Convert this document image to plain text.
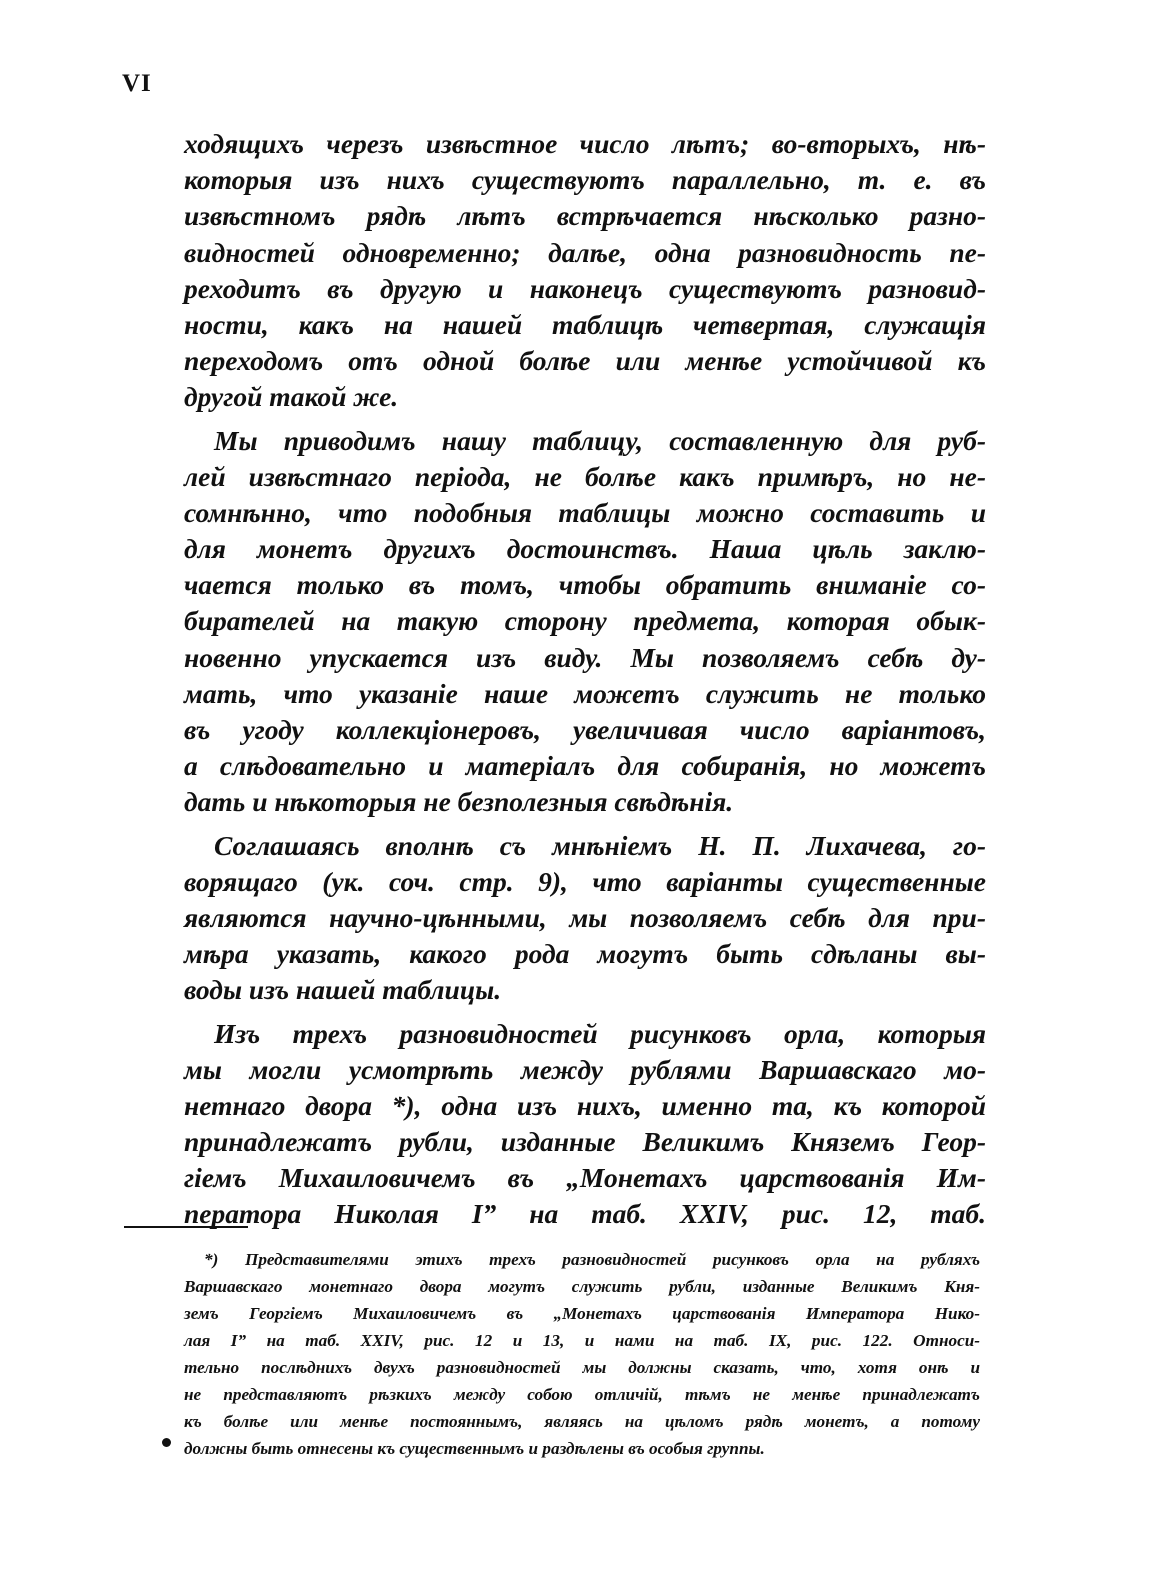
VI
ходящихъ черезъ извѣстное число лѣтъ; во-вторыхъ, нѣ-
которыя изъ нихъ существуютъ параллельно, т. е. въ
извѣстномъ рядѣ лѣтъ встрѣчается нѣсколько разно-
видностей одновременно; далѣе, одна разновидность пе-
реходитъ въ другую и наконецъ существуютъ разновид-
ности, какъ на нашей таблицѣ четвертая, служащія
переходомъ отъ одной болѣе или менѣе устойчивой къ
другой такой же.
Мы приводимъ нашу таблицу, составленную для руб-
лей извѣстнаго періода, не болѣе какъ примѣръ, но не-
сомнѣнно, что подобныя таблицы можно составить и
для монетъ другихъ достоинствъ. Наша цѣль заклю-
чается только въ томъ, чтобы обратить вниманіе со-
бирателей на такую сторону предмета, которая обык-
новенно упускается изъ виду. Мы позволяемъ себѣ ду-
мать, что указаніе наше можетъ служить не только
въ угоду коллекціонеровъ, увеличивая число варіантовъ,
а слѣдовательно и матеріалъ для собиранія, но можетъ
дать и нѣкоторыя не безполезныя свѣдѣнія.
Соглашаясь вполнѣ съ мнѣніемъ Н. П. Лихачева, го-
ворящаго (ук. соч. стр. 9), что варіанты существенные
являются научно-цѣнными, мы позволяемъ себѣ для при-
мѣра указать, какого рода могутъ быть сдѣланы вы-
воды изъ нашей таблицы.
Изъ трехъ разновидностей рисунковъ орла, которыя
мы могли усмотрѣть между рублями Варшавскаго мо-
нетнаго двора *), одна изъ нихъ, именно та, къ которой
принадлежатъ рубли, изданные Великимъ Княземъ Геор-
гіемъ Михаиловичемъ въ „Монетахъ царствованія Им-
ператора Николая I” на таб. XXIV, рис. 12, таб.
*) Представителями этихъ трехъ разновидностей рисунковъ орла на рубляхъ
Варшавскаго монетнаго двора могутъ служить рубли, изданные Великимъ Кня-
земъ Георгіемъ Михаиловичемъ въ „Монетахъ царствованія Императора Нико-
лая I” на таб. XXIV, рис. 12 и 13, и нами на таб. IX, рис. 122. Относи-
тельно послѣднихъ двухъ разновидностей мы должны сказать, что, хотя онѣ и
не представляютъ рѣзкихъ между собою отличій, тѣмъ не менѣе принадлежатъ
къ болѣе или менѣе постояннымъ, являясь на цѣломъ рядѣ монетъ, а потому
должны быть отнесены къ существеннымъ и раздѣлены въ особыя группы.
